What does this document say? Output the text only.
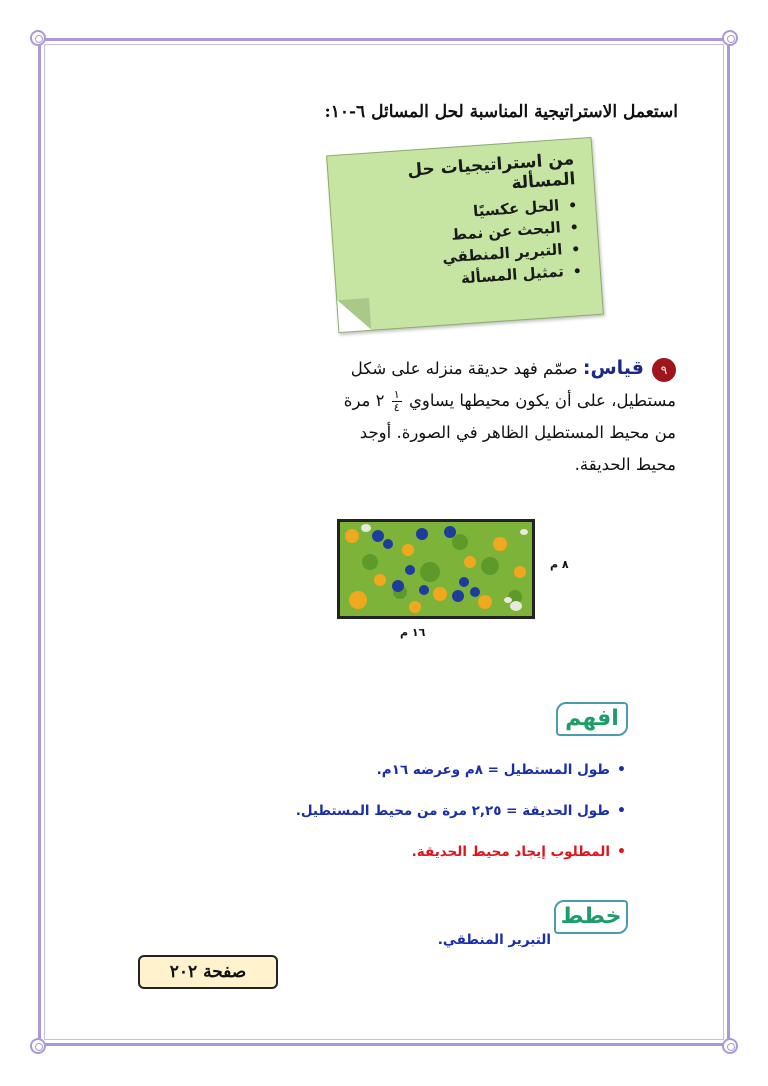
استعمل الاستراتيجية المناسبة لحل المسائل ٦-١٠:
من استراتيجيات حل المسألة
• الحل عكسيًا
• البحث عن نمط
• التبرير المنطقي
• تمثيل المسألة
٩قياس: صمّم فهد حديقة منزله على شكل
مستطيل، على أن يكون محيطها يساوي
$\frac{١}{٤}$
٢ مرة
من محيط المستطيل الظاهر في الصورة. أوجد
محيط الحديقة.
٨ م
١٦ م
افهم
• طول المستطيل = ٨م وعرضه ١٦م.
• طول الحديقة = ٢,٢٥ مرة من محيط المستطيل.
• المطلوب إيجاد محيط الحديقة.
خطط
التبرير المنطقي.
صفحة ٢٠٢
